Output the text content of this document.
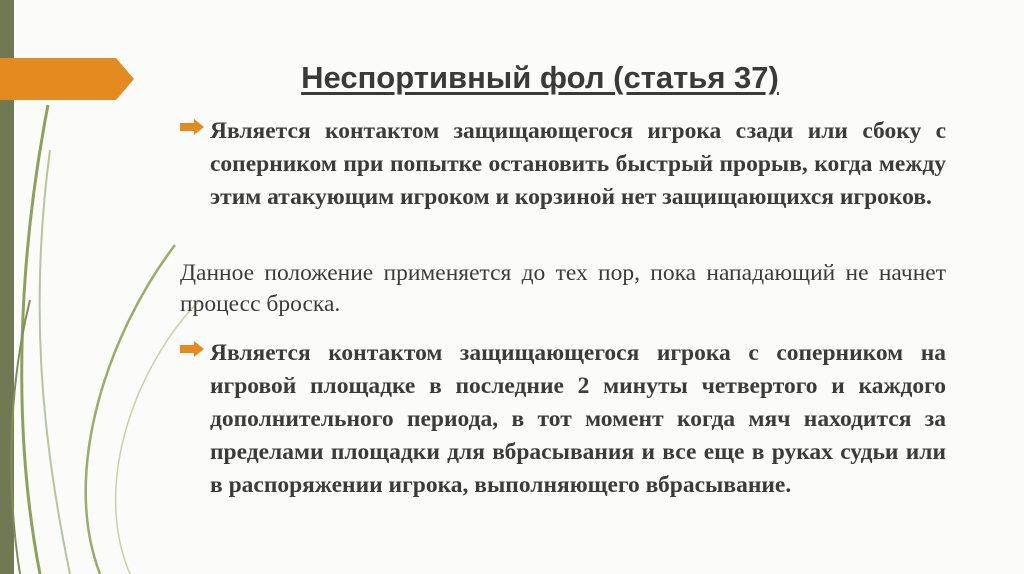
Неспортивный фол (статья 37)
Является контактом защищающегося игрока сзади или сбоку с соперником при попытке остановить быстрый прорыв, когда между этим атакующим игроком и корзиной нет защищающихся игроков.
Данное положение применяется до тех пор, пока нападающий не начнет процесс броска.
Является контактом защищающегося игрока с соперником на игровой площадке в последние 2 минуты четвертого и каждого дополнительного периода, в тот момент когда мяч находится за пределами площадки для вбрасывания и все еще в руках судьи или в распоряжении игрока, выполняющего вбрасывание.
